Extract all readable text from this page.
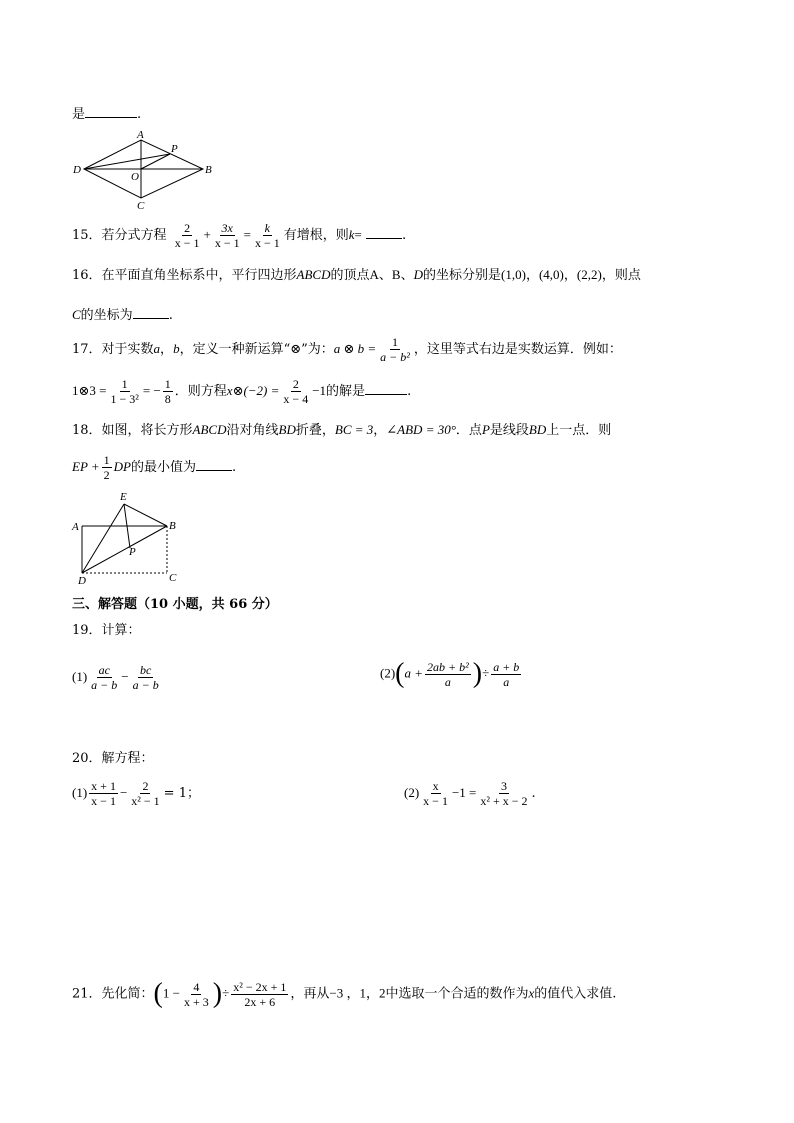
是	.
A
P
D
O
B
C
15．若分式方程 $\frac{2}{x - 1} + \frac{3x}{x - 1} = \frac{k}{x - 1}$ 有增根，则k=	.
16．在平面直角坐标系中，平行四边形ABCD的顶点A、B、D的坐标分别是(1,0)，(4,0)，(2,2)，则点
C的坐标为	.
17．对于实数a，b，定义一种新运算“⊗”为：a ⊗ $b = \frac{1}{\text{a − b²}}$ ，这里等式右边是实数运算．例如：
1⊗3 = $\frac{1}{\text{1 − 3²}}$ = − $\frac{1}{8}$ ．则方程x⊗(−2) = $\frac{2}{x - 4} -1$的解是	.
18．如图，将长方形ABCD沿对角线BD折叠，BC = 3，∠ABD = 30°．点P是线段BD上一点．则
EP + $\frac{1}{2}$ DP的最小值为	.
E
A	B
P
D	C
三、解答题（10 小题，共 66 分）
19．计算：
$(1) \frac{ac}{a - b} - \frac{bc}{a - b}$	$(2)(a + \frac{\text{2ab + b²}}{a}$ )÷ $\frac{a + b}{a}$
20．解方程：
$(1) \frac{x + 1}{x - 1} - \frac{2}{\text{x² − 1}} = 1$；	$(2) \frac{x}{x - 1} -1 = \frac{3}{\text{x² + x − 2}}$ .
21．先化简：($1 - \frac{4}{x + 3}$ )÷ $\frac{\text{x² − 2x + 1}}{2x + 6}$ ，再从−3 ，1，2中选取一个合适的数作为x的值代入求值.
